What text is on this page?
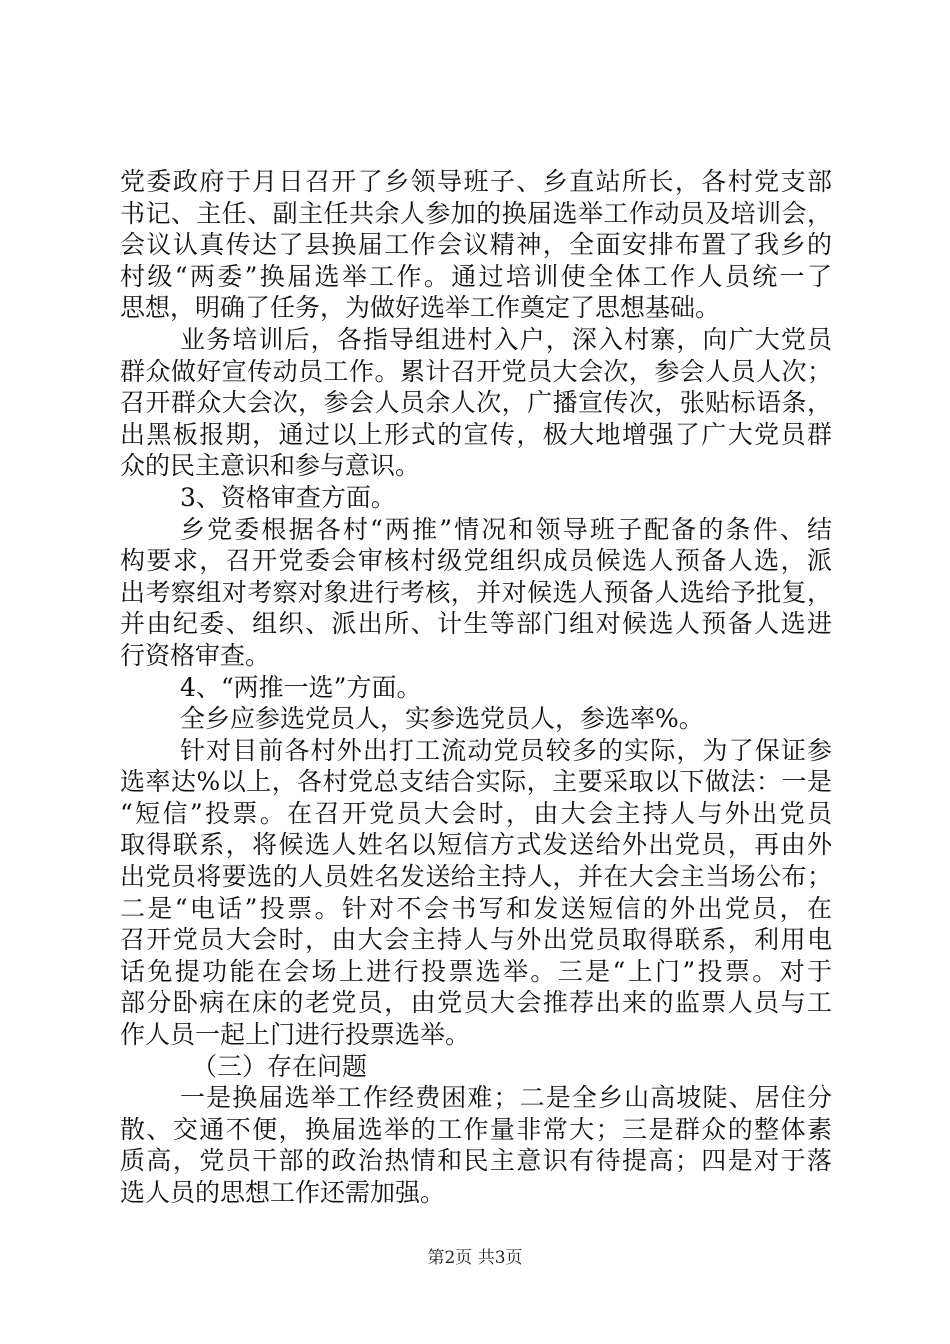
党委政府于月日召开了乡领导班子、乡直站所长，各村党支部
书记、主任、副主任共余人参加的换届选举工作动员及培训会，
会议认真传达了县换届工作会议精神，全面安排布置了我乡的
村级“两委”换届选举工作。通过培训使全体工作人员统一了
思想，明确了任务，为做好选举工作奠定了思想基础。
业务培训后，各指导组进村入户，深入村寨，向广大党员
群众做好宣传动员工作。累计召开党员大会次，参会人员人次；
召开群众大会次，参会人员余人次，广播宣传次，张贴标语条，
出黑板报期，通过以上形式的宣传，极大地增强了广大党员群
众的民主意识和参与意识。
3、资格审查方面。
乡党委根据各村“两推”情况和领导班子配备的条件、结
构要求，召开党委会审核村级党组织成员候选人预备人选，派
出考察组对考察对象进行考核，并对候选人预备人选给予批复，
并由纪委、组织、派出所、计生等部门组对候选人预备人选进
行资格审查。
4、“两推一选”方面。
全乡应参选党员人，实参选党员人，参选率%。
针对目前各村外出打工流动党员较多的实际，为了保证参
选率达%以上，各村党总支结合实际，主要采取以下做法：一是
“短信”投票。在召开党员大会时，由大会主持人与外出党员
取得联系，将候选人姓名以短信方式发送给外出党员，再由外
出党员将要选的人员姓名发送给主持人，并在大会主当场公布；
二是“电话”投票。针对不会书写和发送短信的外出党员，在
召开党员大会时，由大会主持人与外出党员取得联系，利用电
话免提功能在会场上进行投票选举。三是“上门”投票。对于
部分卧病在床的老党员，由党员大会推荐出来的监票人员与工
作人员一起上门进行投票选举。
（三）存在问题
一是换届选举工作经费困难；二是全乡山高坡陡、居住分
散、交通不便，换届选举的工作量非常大；三是群众的整体素
质高，党员干部的政治热情和民主意识有待提高；四是对于落
选人员的思想工作还需加强。
第2页 共3页
